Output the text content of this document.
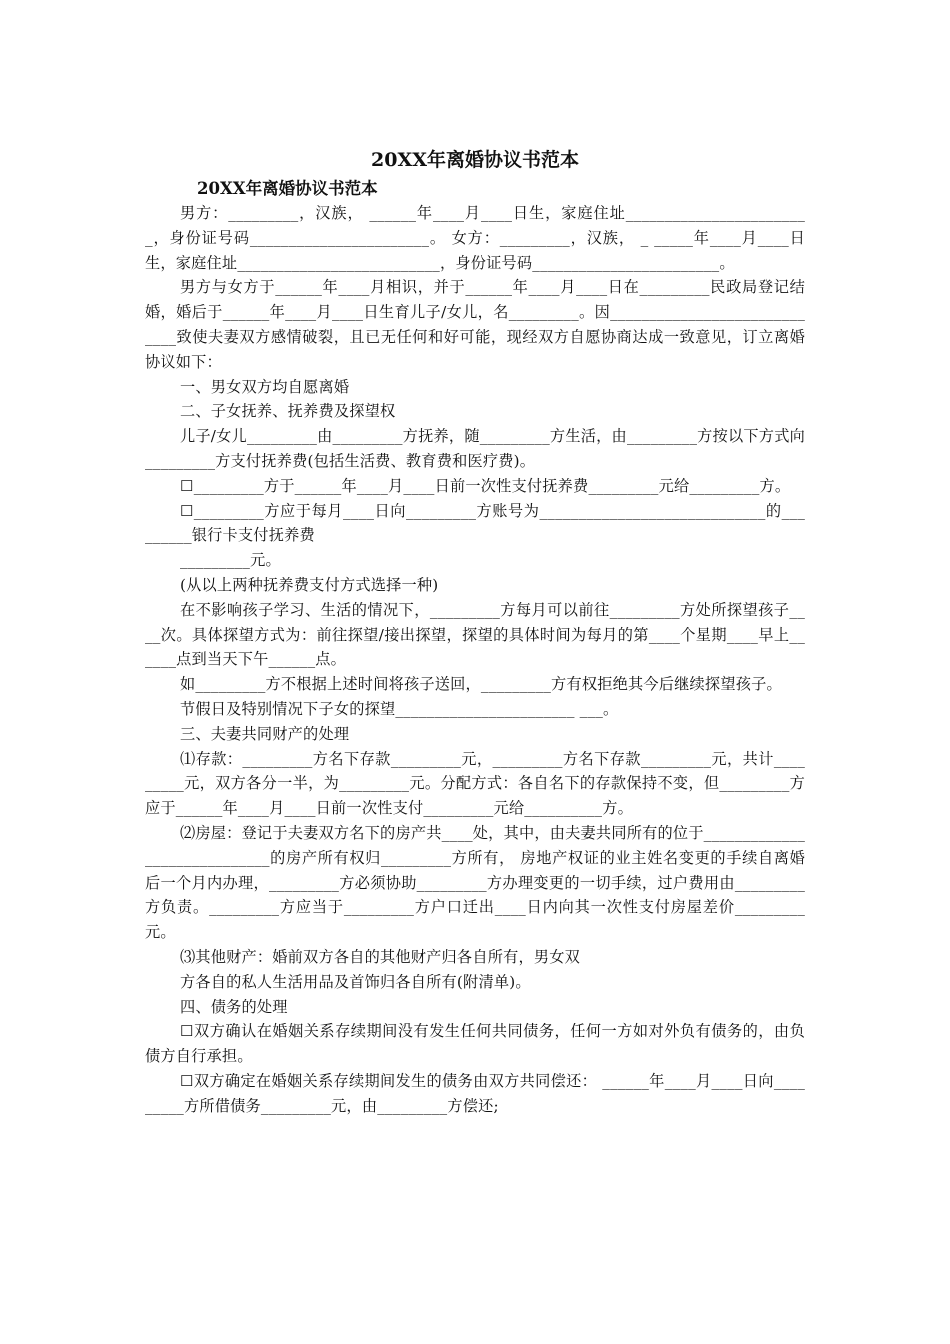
20XX年离婚协议书范本
20XX年离婚协议书范本

男方：_________，汉族， ______年____月____日生，家庭住址________________________，身份证号码_______________________。 女方：_________，汉族， _ _____年____月____日生，家庭住址__________________________，身份证号码________________________。

男方与女方于______年____月相识，并于______年____月____日在_________民政局登记结婚，婚后于______年____月____日生育儿子/女儿，名_________。因_____________________________致使夫妻双方感情破裂，且已无任何和好可能，现经双方自愿协商达成一致意见，订立离婚协议如下：

一、男女双方均自愿离婚

二、子女抚养、抚养费及探望权

儿子/女儿_________由_________方抚养，随_________方生活，由_________方按以下方式向_________方支付抚养费(包括生活费、教育费和医疗费)。

☐_________方于______年____月____日前一次性支付抚养费_________元给_________方。

☐_________方应于每月____日向_________方账号为_____________________________的_________银行卡支付抚养费

_________元。

(从以上两种抚养费支付方式选择一种)

在不影响孩子学习、生活的情况下，_________方每月可以前往_________方处所探望孩子____次。具体探望方式为：前往探望/接出探望，探望的具体时间为每月的第____个星期____早上______点到当天下午______点。

如_________方不根据上述时间将孩子送回，_________方有权拒绝其今后继续探望孩子。

节假日及特别情况下子女的探望_______________________ ___。

三、夫妻共同财产的处理

⑴存款：_________方名下存款_________元，_________方名下存款_________元，共计_________元，双方各分一半，为_________元。分配方式：各自名下的存款保持不变，但_________方应于______年____月____日前一次性支付_________元给__________方。

⑵房屋：登记于夫妻双方名下的房产共____处，其中，由夫妻共同所有的位于_____________________________的房产所有权归_________方所有， 房地产权证的业主姓名变更的手续自离婚后一个月内办理，_________方必须协助_________方办理变更的一切手续，过户费用由_________方负责。_________方应当于_________方户口迁出____日内向其一次性支付房屋差价_________元。

⑶其他财产：婚前双方各自的其他财产归各自所有，男女双

方各自的私人生活用品及首饰归各自所有(附清单)。

四、债务的处理

☐双方确认在婚姻关系存续期间没有发生任何共同债务，任何一方如对外负有债务的，由负债方自行承担。

☐双方确定在婚姻关系存续期间发生的债务由双方共同偿还： ______年____月____日向_________方所借债务_________元，由_________方偿还;
